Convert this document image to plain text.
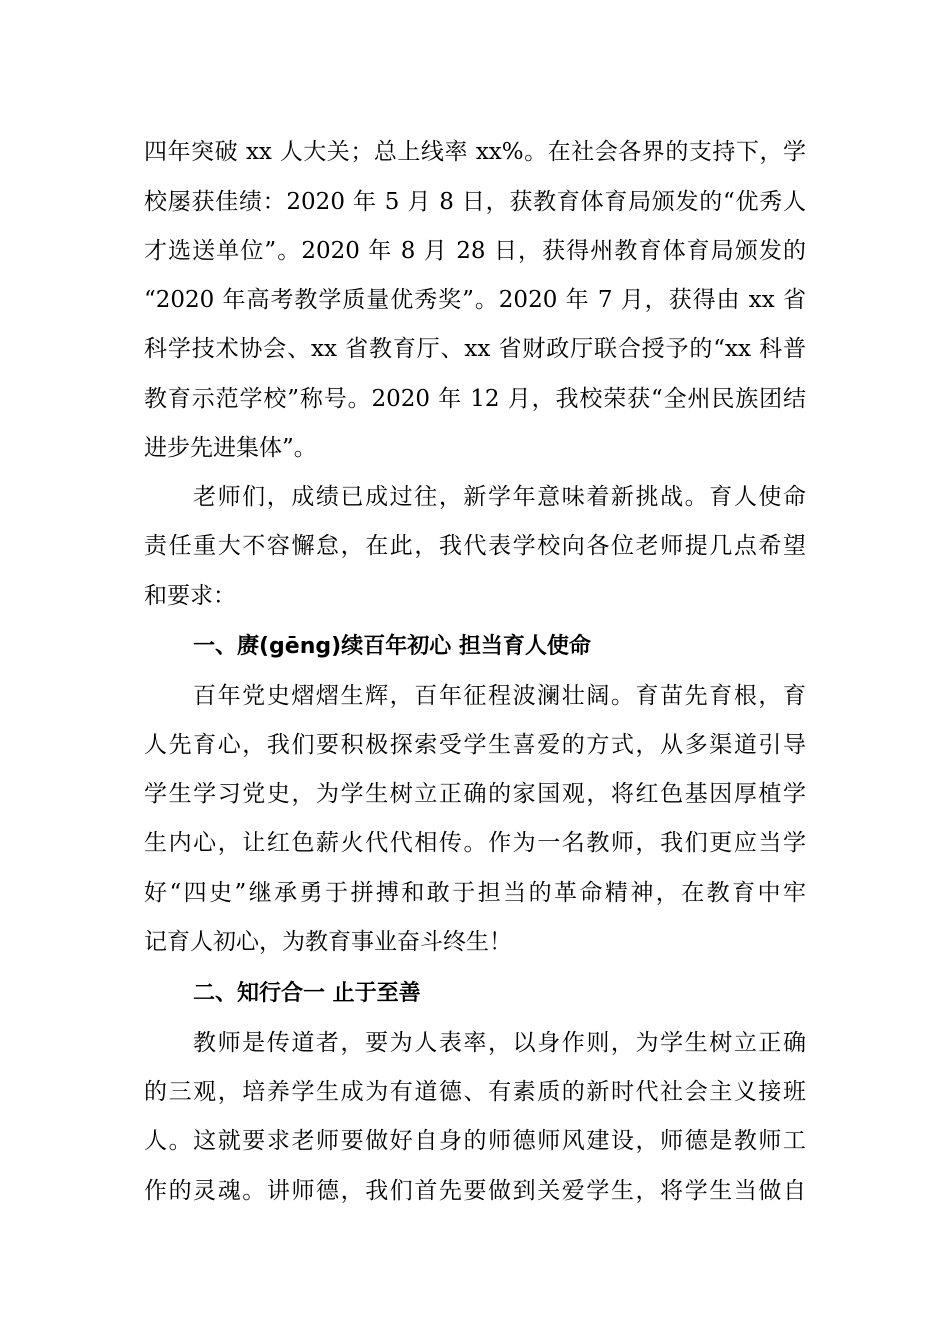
四年突破 xx 人大关；总上线率 xx%。在社会各界的支持下，学
校屡获佳绩：2020 年 5 月 8 日，获教育体育局颁发的“优秀人
才选送单位”。2020 年 8 月 28 日，获得州教育体育局颁发的
“2020 年高考教学质量优秀奖”。2020 年 7 月，获得由 xx 省
科学技术协会、xx 省教育厅、xx 省财政厅联合授予的“xx 科普
教育示范学校”称号。2020 年 12 月，我校荣获“全州民族团结
进步先进集体”。
老师们，成绩已成过往，新学年意味着新挑战。育人使命
责任重大不容懈怠，在此，我代表学校向各位老师提几点希望
和要求：
一、赓(gēng)续百年初心 担当育人使命
百年党史熠熠生辉，百年征程波澜壮阔。育苗先育根，育
人先育心，我们要积极探索受学生喜爱的方式，从多渠道引导
学生学习党史，为学生树立正确的家国观，将红色基因厚植学
生内心，让红色薪火代代相传。作为一名教师，我们更应当学
好“四史”继承勇于拼搏和敢于担当的革命精神，在教育中牢
记育人初心，为教育事业奋斗终生！
二、知行合一 止于至善
教师是传道者，要为人表率，以身作则，为学生树立正确
的三观，培养学生成为有道德、有素质的新时代社会主义接班
人。这就要求老师要做好自身的师德师风建设，师德是教师工
作的灵魂。讲师德，我们首先要做到关爱学生，将学生当做自
